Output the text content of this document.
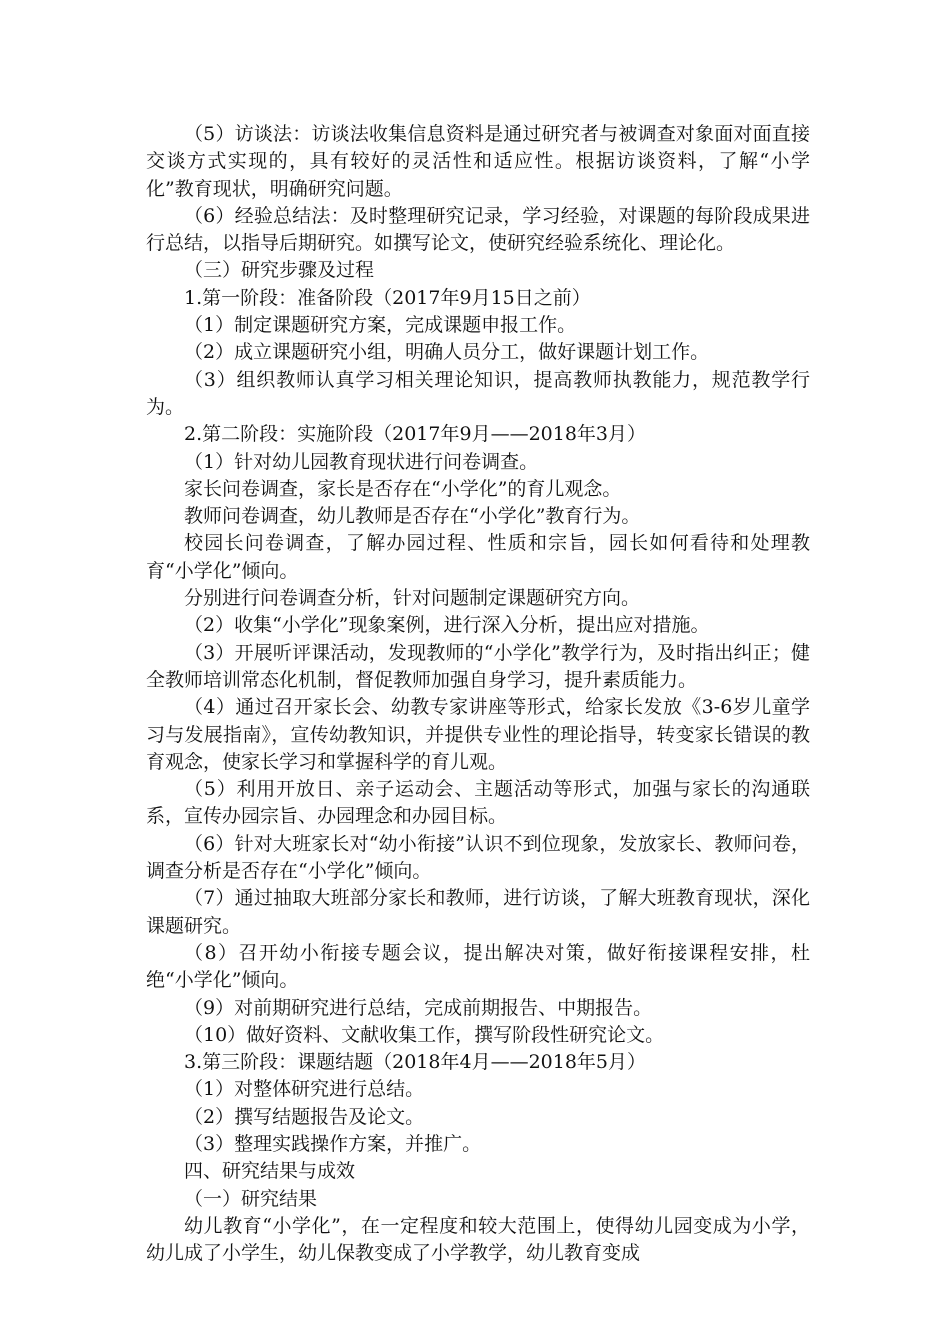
（5）访谈法：访谈法收集信息资料是通过研究者与被调查对象面对面直接交谈方式实现的，具有较好的灵活性和适应性。根据访谈资料，了解“小学化”教育现状，明确研究问题。

（6）经验总结法：及时整理研究记录，学习经验，对课题的每阶段成果进行总结，以指导后期研究。如撰写论文，使研究经验系统化、理论化。

（三）研究步骤及过程

1.第一阶段：准备阶段（2017年9月15日之前）

（1）制定课题研究方案，完成课题申报工作。

（2）成立课题研究小组，明确人员分工，做好课题计划工作。

（3）组织教师认真学习相关理论知识，提高教师执教能力，规范教学行为。

2.第二阶段：实施阶段（2017年9月——2018年3月）

（1）针对幼儿园教育现状进行问卷调查。

家长问卷调查，家长是否存在“小学化”的育儿观念。

教师问卷调查，幼儿教师是否存在“小学化”教育行为。

校园长问卷调查，了解办园过程、性质和宗旨，园长如何看待和处理教育“小学化”倾向。

分别进行问卷调查分析，针对问题制定课题研究方向。

（2）收集“小学化”现象案例，进行深入分析，提出应对措施。

（3）开展听评课活动，发现教师的“小学化”教学行为，及时指出纠正；健全教师培训常态化机制，督促教师加强自身学习，提升素质能力。

（4）通过召开家长会、幼教专家讲座等形式，给家长发放《3-6岁儿童学习与发展指南》，宣传幼教知识，并提供专业性的理论指导，转变家长错误的教育观念，使家长学习和掌握科学的育儿观。

（5）利用开放日、亲子运动会、主题活动等形式，加强与家长的沟通联系，宣传办园宗旨、办园理念和办园目标。

（6）针对大班家长对“幼小衔接”认识不到位现象，发放家长、教师问卷，调查分析是否存在“小学化”倾向。

（7）通过抽取大班部分家长和教师，进行访谈，了解大班教育现状，深化课题研究。

（8）召开幼小衔接专题会议，提出解决对策，做好衔接课程安排，杜绝“小学化”倾向。

（9）对前期研究进行总结，完成前期报告、中期报告。

（10）做好资料、文献收集工作，撰写阶段性研究论文。

3.第三阶段：课题结题（2018年4月——2018年5月）

（1）对整体研究进行总结。

（2）撰写结题报告及论文。

（3）整理实践操作方案，并推广。

四、研究结果与成效

（一）研究结果

幼儿教育“小学化”，在一定程度和较大范围上，使得幼儿园变成为小学，幼儿成了小学生，幼儿保教变成了小学教学，幼儿教育变成
